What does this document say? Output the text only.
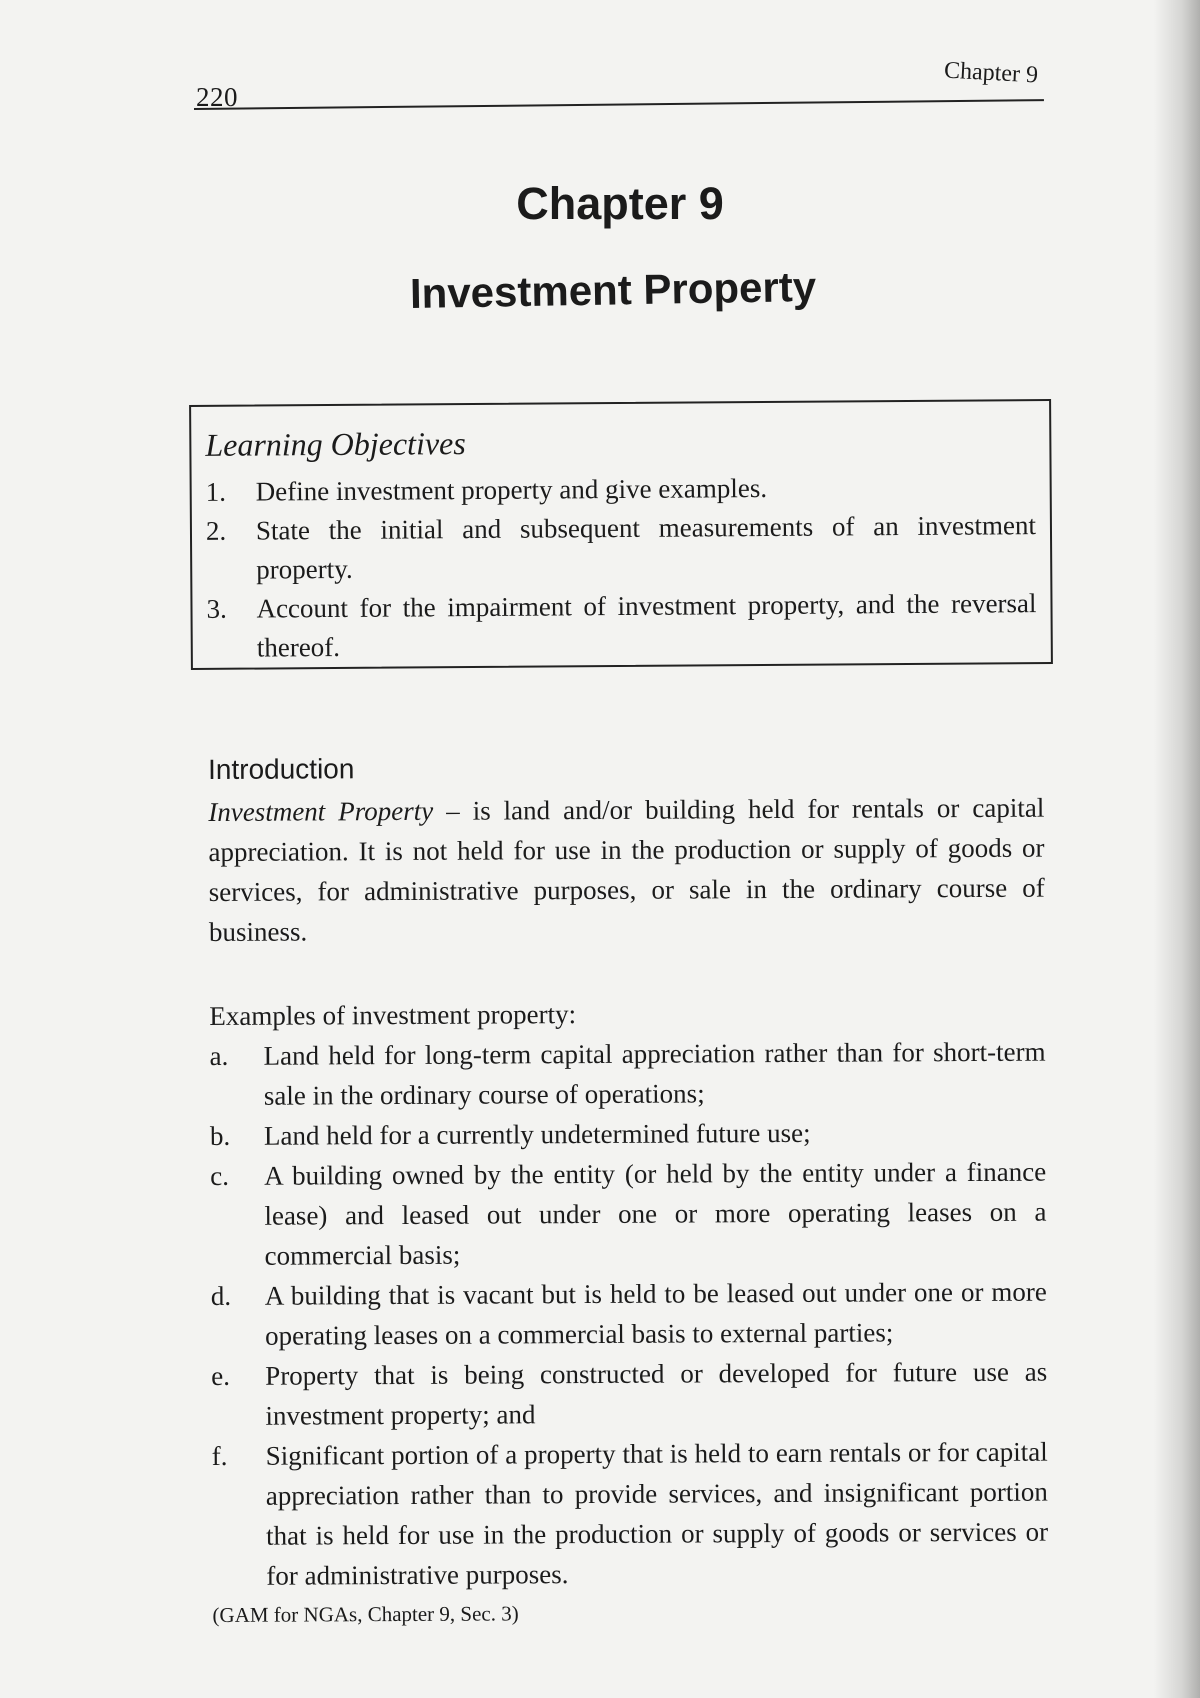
220
Chapter 9
Chapter 9
Investment Property
Learning Objectives
1.	Define investment property and give examples.
2.	State the initial and subsequent measurements of an investment property.
3.	Account for the impairment of investment property, and the reversal thereof.
Introduction
Investment Property – is land and/or building held for rentals or capital appreciation. It is not held for use in the production or supply of goods or services, for administrative purposes, or sale in the ordinary course of business.
Examples of investment property:
a.	Land held for long-term capital appreciation rather than for short-term sale in the ordinary course of operations;
b.	Land held for a currently undetermined future use;
c.	A building owned by the entity (or held by the entity under a finance lease) and leased out under one or more operating leases on a commercial basis;
d.	A building that is vacant but is held to be leased out under one or more operating leases on a commercial basis to external parties;
e.	Property that is being constructed or developed for future use as investment property; and
f.	Significant portion of a property that is held to earn rentals or for capital appreciation rather than to provide services, and insignificant portion that is held for use in the production or supply of goods or services or for administrative purposes.
(GAM for NGAs, Chapter 9, Sec. 3)
